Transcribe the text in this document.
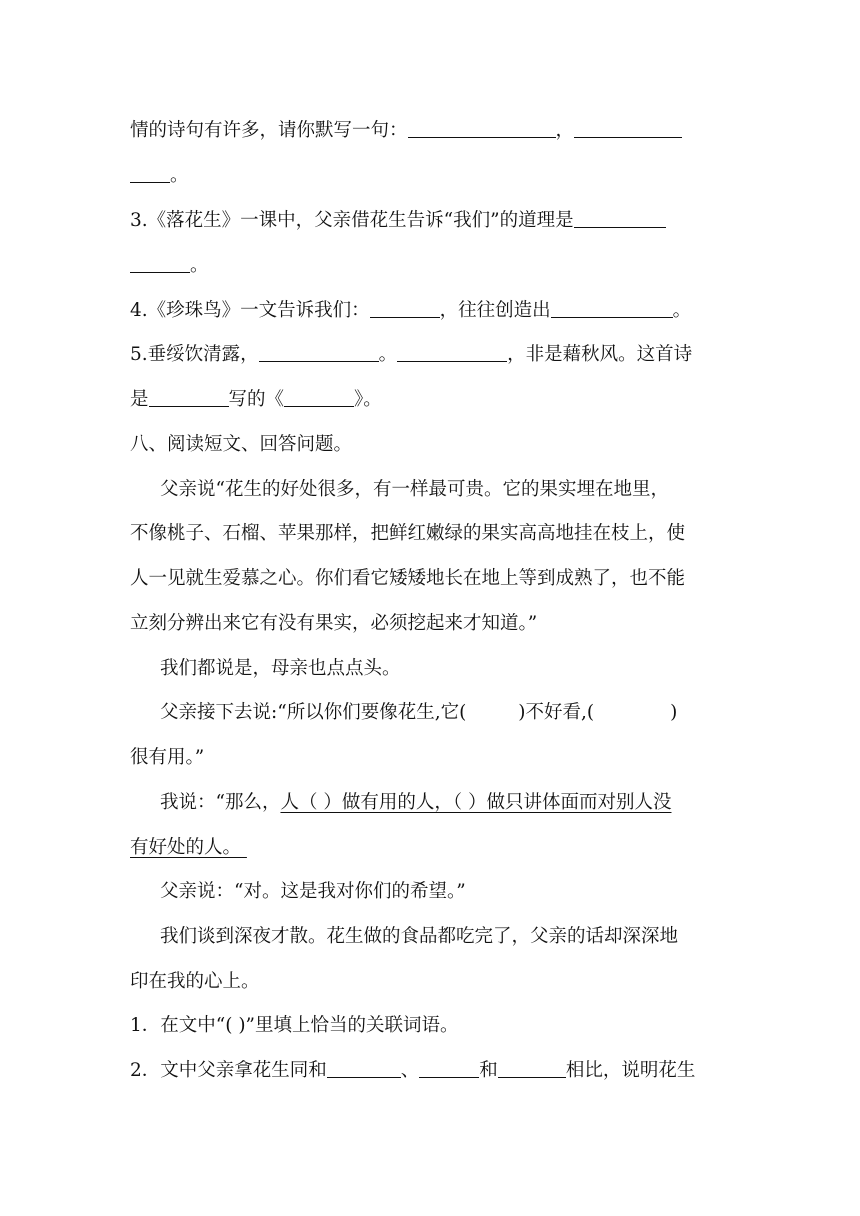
情的诗句有许多，请你默写一句：	，
。
3.《落花生》一课中，父亲借花生告诉“我们”的道理是
。
4.《珍珠鸟》一文告诉我们：	，往往创造出	。
5.垂绥饮清露，	。	，非是藉秋风。这首诗
是	写的《	》。
八、阅读短文、回答问题。
父亲说“花生的好处很多，有一样最可贵。它的果实埋在地里，
不像桃子、石榴、苹果那样，把鲜红嫩绿的果实高高地挂在枝上，使
人一见就生爱慕之心。你们看它矮矮地长在地上等到成熟了，也不能
立刻分辨出来它有没有果实，必须挖起来才知道。”
我们都说是，母亲也点点头。
父亲接下去说:“所以你们要像花生,它(	)不好看,(	)
很有用。”
我说：“那么，人（ ）做有用的人，（ ）做只讲体面而对别人没
有好处的人。
父亲说：“对。这是我对你们的希望。”
我们谈到深夜才散。花生做的食品都吃完了，父亲的话却深深地
印在我的心上。
1．在文中“( )”里填上恰当的关联词语。
2．文中父亲拿花生同和	、	和	相比，说明花生
